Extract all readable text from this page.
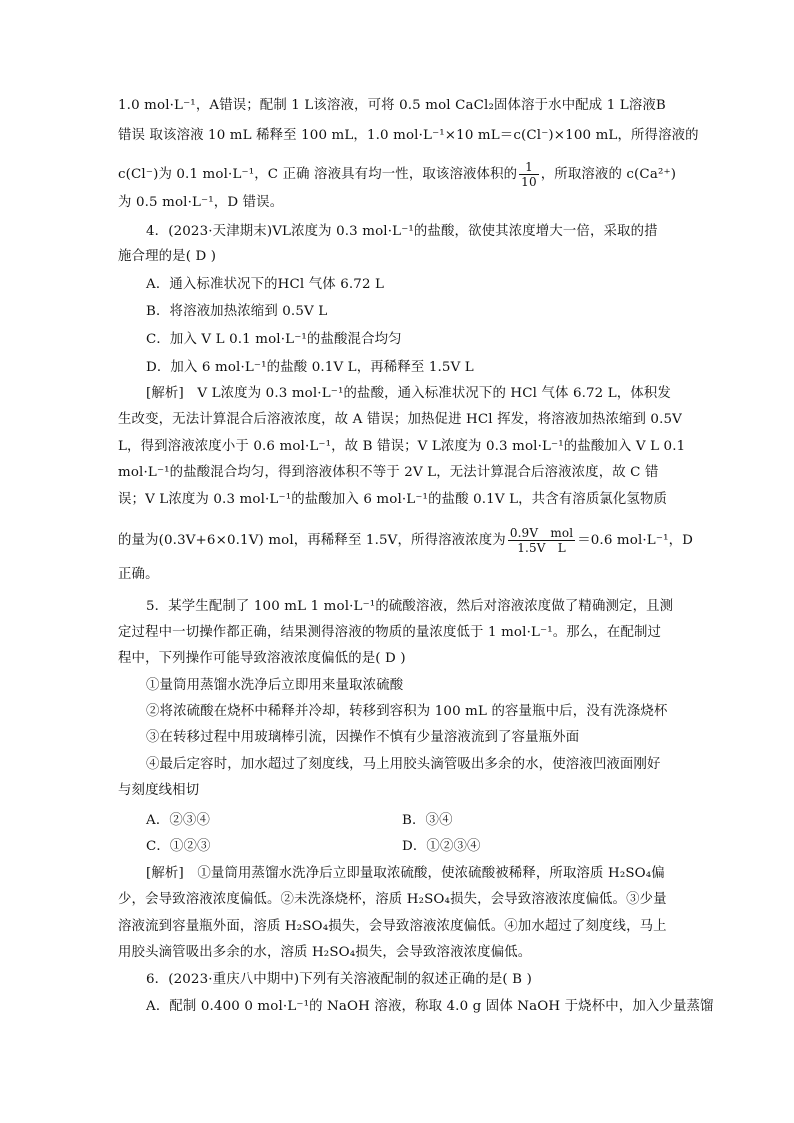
1.0 mol·L⁻¹，A错误；配制 1 L该溶液，可将 0.5 mol CaCl₂固体溶于水中配成 1 L溶液B
错误 取该溶液 10 mL 稀释至 100 mL，1.0 mol·L⁻¹×10 mL＝c(Cl⁻)×100 mL，所得溶液的
c(Cl⁻)为 0.1 mol·L⁻¹，C 正确 溶液具有均一性，取该溶液体积的 $\frac{1}{10}$ ，所取溶液的 c(Ca²⁺)
为 0.5 mol·L⁻¹，D 错误。
4．(2023·天津期末)VL浓度为 0.3 mol·L⁻¹的盐酸，欲使其浓度增大一倍，采取的措
施合理的是( D )
A．通入标准状况下的HCl 气体 6.72 L
B．将溶液加热浓缩到 0.5V L
C．加入 V L 0.1 mol·L⁻¹的盐酸混合均匀
D．加入 6 mol·L⁻¹的盐酸 0.1V L，再稀释至 1.5V L
[解析]　V L浓度为 0.3 mol·L⁻¹的盐酸，通入标准状况下的 HCl 气体 6.72 L，体积发
生改变，无法计算混合后溶液浓度，故 A 错误；加热促进 HCl 挥发，将溶液加热浓缩到 0.5V
L，得到溶液浓度小于 0.6 mol·L⁻¹，故 B 错误；V L浓度为 0.3 mol·L⁻¹的盐酸加入 V L 0.1
mol·L⁻¹的盐酸混合均匀，得到溶液体积不等于 2V L，无法计算混合后溶液浓度，故 C 错
误；V L浓度为 0.3 mol·L⁻¹的盐酸加入 6 mol·L⁻¹的盐酸 0.1V L，共含有溶质氯化氢物质
的量为(0.3V+6×0.1V) mol，再稀释至 1.5V，所得溶液浓度为 $\frac{\text{0.9V　mol}}{\text{1.5V　L}} =0.6$ mol·L⁻¹，D
正确。
5．某学生配制了 100 mL 1 mol·L⁻¹的硫酸溶液，然后对溶液浓度做了精确测定，且测
定过程中一切操作都正确，结果测得溶液的物质的量浓度低于 1 mol·L⁻¹。那么，在配制过
程中，下列操作可能导致溶液浓度偏低的是( D )
①量筒用蒸馏水洗净后立即用来量取浓硫酸
②将浓硫酸在烧杯中稀释并冷却，转移到容积为 100 mL 的容量瓶中后，没有洗涤烧杯
③在转移过程中用玻璃棒引流，因操作不慎有少量溶液流到了容量瓶外面
④最后定容时，加水超过了刻度线，马上用胶头滴管吸出多余的水，使溶液凹液面刚好
与刻度线相切
A．②③④	B．③④
C．①②③	D．①②③④
[解析]　①量筒用蒸馏水洗净后立即量取浓硫酸，使浓硫酸被稀释，所取溶质 H₂SO₄偏
少，会导致溶液浓度偏低。②未洗涤烧杯，溶质 H₂SO₄损失，会导致溶液浓度偏低。③少量
溶液流到容量瓶外面，溶质 H₂SO₄损失，会导致溶液浓度偏低。④加水超过了刻度线，马上
用胶头滴管吸出多余的水，溶质 H₂SO₄损失，会导致溶液浓度偏低。
6．(2023·重庆八中期中)下列有关溶液配制的叙述正确的是( B )
A．配制 0.400 0 mol·L⁻¹的 NaOH 溶液，称取 4.0 g 固体 NaOH 于烧杯中，加入少量蒸馏
